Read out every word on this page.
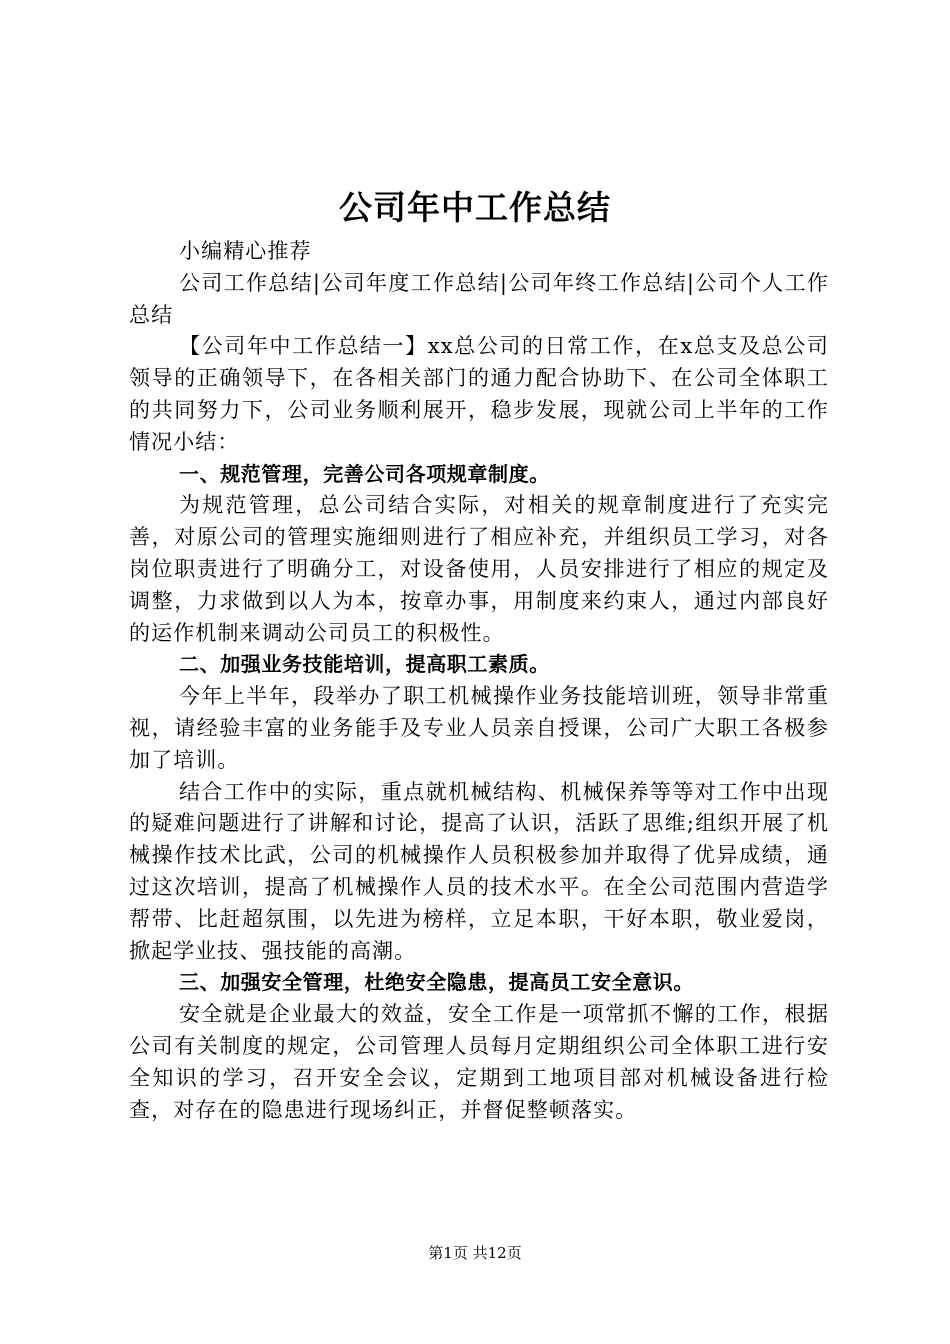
公司年中工作总结

小编精心推荐

公司工作总结|公司年度工作总结|公司年终工作总结|公司个人工作总结

【公司年中工作总结一】xx总公司的日常工作，在x总支及总公司领导的正确领导下，在各相关部门的通力配合协助下、在公司全体职工的共同努力下，公司业务顺利展开，稳步发展，现就公司上半年的工作情况小结：

一、规范管理，完善公司各项规章制度。

为规范管理，总公司结合实际，对相关的规章制度进行了充实完善，对原公司的管理实施细则进行了相应补充，并组织员工学习，对各岗位职责进行了明确分工，对设备使用，人员安排进行了相应的规定及调整，力求做到以人为本，按章办事，用制度来约束人，通过内部良好的运作机制来调动公司员工的积极性。

二、加强业务技能培训，提高职工素质。

今年上半年，段举办了职工机械操作业务技能培训班，领导非常重视，请经验丰富的业务能手及专业人员亲自授课，公司广大职工各极参加了培训。

结合工作中的实际，重点就机械结构、机械保养等等对工作中出现的疑难问题进行了讲解和讨论，提高了认识，活跃了思维;组织开展了机械操作技术比武，公司的机械操作人员积极参加并取得了优异成绩，通过这次培训，提高了机械操作人员的技术水平。在全公司范围内营造学帮带、比赶超氛围，以先进为榜样，立足本职，干好本职，敬业爱岗，掀起学业技、强技能的高潮。

三、加强安全管理，杜绝安全隐患，提高员工安全意识。

安全就是企业最大的效益，安全工作是一项常抓不懈的工作，根据公司有关制度的规定，公司管理人员每月定期组织公司全体职工进行安全知识的学习，召开安全会议，定期到工地项目部对机械设备进行检查，对存在的隐患进行现场纠正，并督促整顿落实。

第1页 共12页
